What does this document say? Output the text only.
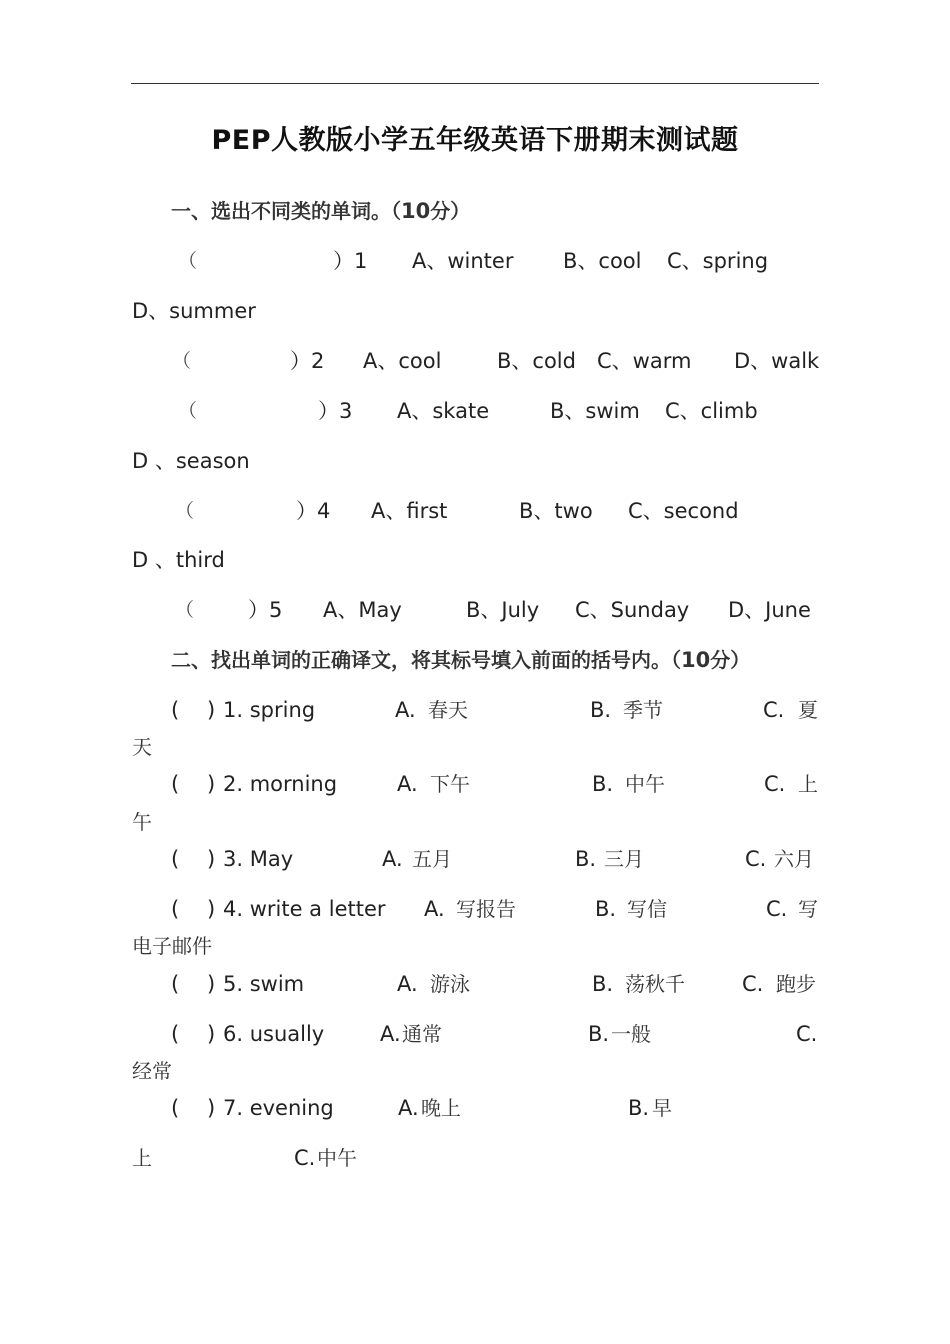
PEP人教版小学五年级英语下册期末测试题
一、选出不同类的单词。（10分）
（	）1 A、winter B、cool C、spring
D、summer
（	）2 A、cool	B、cold C、warm D、walk
（	）3 A、skate	B、swim C、climb
D 、season
（	）4 A、first	B、two C、second
D 、third
（	）5 A、May	B、July C、Sunday D、June
二、找出单词的正确译文，将其标号填入前面的括号内。（10分）
( ) 1. spring	A. 春天	B. 季节	C. 夏
天
( ) 2. morning	A. 下午	B. 中午	C. 上
午
( ) 3. May	A. 五月	B. 三月	C. 六月
( ) 4. write a letter A. 写报告	B. 写信	C. 写
电子邮件
( ) 5. swim	A. 游泳	B. 荡秋千	C. 跑步
( ) 6. usually	A. 通常	B. 一般	C.
经常
( ) 7. evening	A. 晚上	B. 早
上	C. 中午
